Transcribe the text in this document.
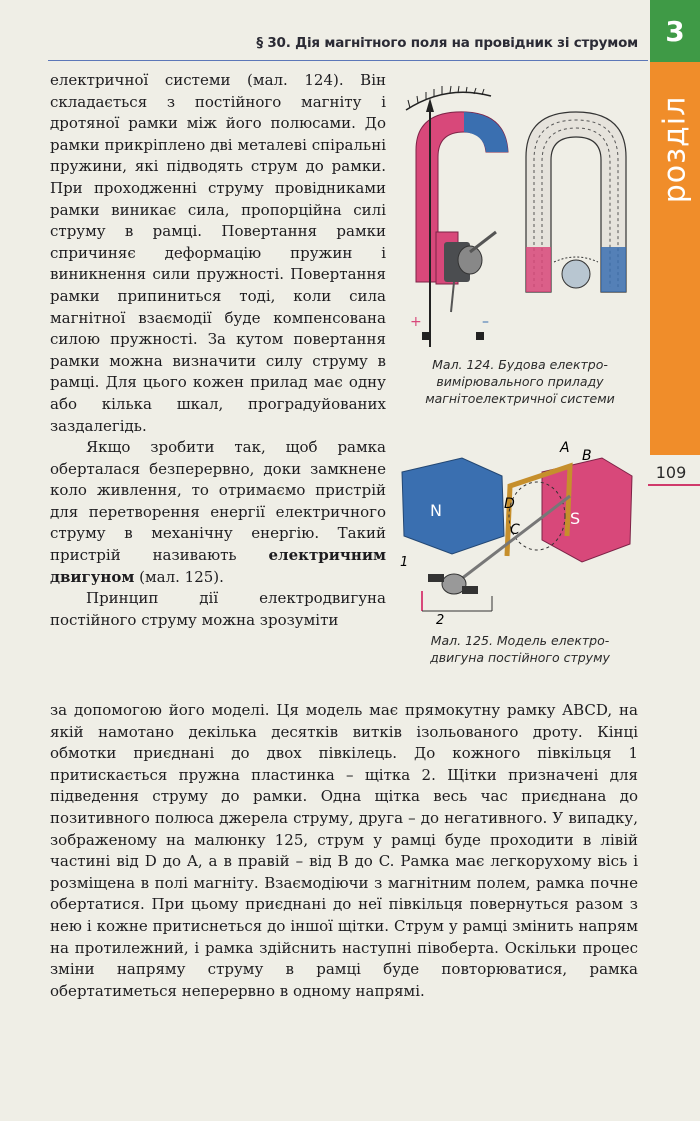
§ 30. Дія магнітного поля на провідник зі струмом 3
розділ
109

електричної системи (мал. 124). Він складається з постійного магніту і дротяної рамки між його полюсами. До рамки прикріплено дві металеві спіральні пружини, які підводять струм до рамки. При проходженні струму провідниками рамки виникає сила, пропорційна силі струму в рамці. Повертання рамки спричиняє деформацію пружин і виникнення сили пружності. Повертання рамки припиниться тоді, коли сила магнітної взаємодії буде компенсована силою пружності. За кутом повертання рамки можна визначити силу струму в рамці. Для цього кожен прилад має одну або кілька шкал, проградуйованих заздалегідь.

Якщо зробити так, щоб рамка оберталася безперервно, доки замкнене коло живлення, то отримаємо пристрій для перетворення енергії електричного струму в механічну енергію. Такий пристрій називають електричним двигуном (мал. 125).

Принцип дії електродвигуна постійного струму можна зрозуміти

за допомогою його моделі. Ця модель має прямокутну рамку ABCD, на якій намотано декілька десятків витків ізольованого дроту. Кінці обмотки приєднані до двох півкілець. До кожного півкільця 1 притискається пружна пластинка – щітка 2. Щітки призначені для підведення струму до рамки. Одна щітка весь час приєднана до позитивного полюса джерела струму, друга – до негативного. У випадку, зображеному на малюнку 125, струм у рамці буде проходити в лівій частині від D до A, а в правій – від B до C. Рамка має легкорухому вісь і розміщена в полі магніту. Взаємодіючи з магнітним полем, рамка почне обертатися. При цьому приєднані до неї півкільця повернуться разом з нею і кожне притиснеться до іншої щітки. Струм у рамці змінить напрям на протилежний, і рамка здійснить наступні півоберта. Оскільки процес зміни напряму струму в рамці буде повторюватися, рамка обертатиметься неперервно в одному напрямі.

+	–
Мал. 124. Будова електро-
вимірювального приладу
магнітоелектричної системи
N	S
A B
C
D
1
2
Мал. 125. Модель електро-
двигуна постійного струму
